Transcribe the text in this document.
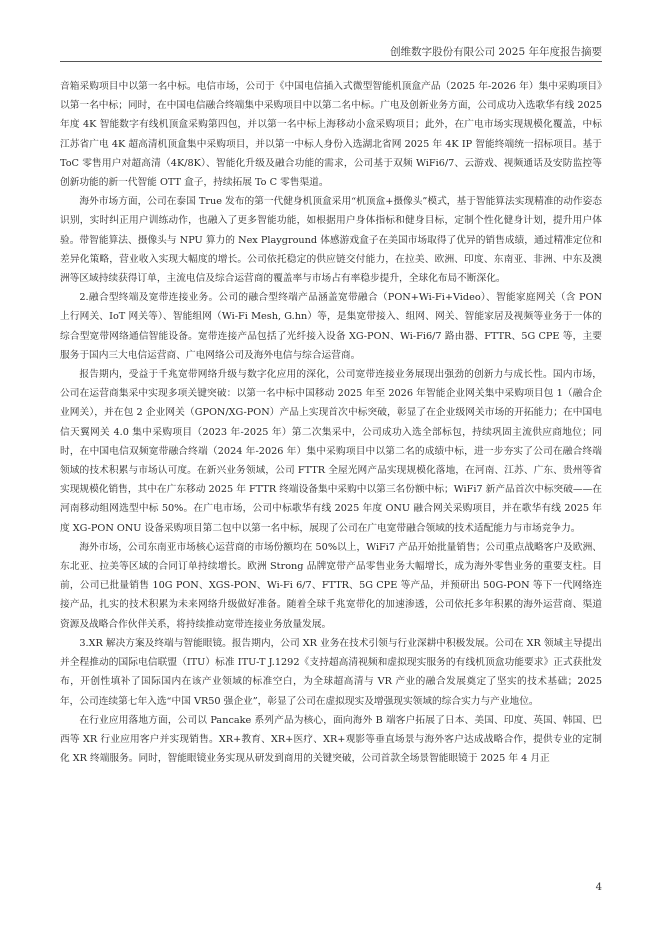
创维数字股份有限公司 2025 年年度报告摘要

音箱采购项目中以第一名中标。电信市场，公司于《中国电信插入式微型智能机顶盒产品（2025 年-2026 年）集中采购项目》以第一名中标；同时，在中国电信融合终端集中采购项目中以第二名中标。广电及创新业务方面，公司成功入选歌华有线 2025 年度 4K 智能数字有线机顶盒采购第四包，并以第一名中标上海移动小盒采购项目；此外，在广电市场实现规模化覆盖，中标江苏省广电 4K 超高清机顶盒集中采购项目，并以第一中标人身份入选湖北省网 2025 年 4K IP 智能终端统一招标项目。基于 ToC 零售用户对超高清（4K/8K）、智能化升级及融合功能的需求，公司基于双频 WiFi6/7、云游戏、视频通话及安防监控等创新功能的新一代智能 OTT 盒子，持续拓展 To C 零售渠道。

海外市场方面，公司在泰国 True 发布的第一代健身机顶盒采用“机顶盒+摄像头”模式，基于智能算法实现精准的动作姿态识别，实时纠正用户训练动作，也融入了更多智能功能，如根据用户身体指标和健身目标，定制个性化健身计划，提升用户体验。带智能算法、摄像头与 NPU 算力的 Nex Playground 体感游戏盒子在美国市场取得了优异的销售成绩，通过精准定位和差异化策略，营业收入实现大幅度的增长。公司依托稳定的供应链交付能力，在拉美、欧洲、印度、东南亚、非洲、中东及澳洲等区域持续获得订单，主流电信及综合运营商的覆盖率与市场占有率稳步提升，全球化布局不断深化。

2.融合型终端及宽带连接业务。公司的融合型终端产品涵盖宽带融合（PON+Wi-Fi+Video）、智能家庭网关（含 PON 上行网关、IoT 网关等）、智能组网（Wi-Fi Mesh, G.hn）等，是集宽带接入、组网、网关、智能家居及视频等业务于一体的综合型宽带网络通信智能设备。宽带连接产品包括了光纤接入设备 XG-PON、Wi-Fi6/7 路由器、FTTR、5G CPE 等，主要服务于国内三大电信运营商、广电网络公司及海外电信与综合运营商。

报告期内，受益于千兆宽带网络升级与数字化应用的深化，公司宽带连接业务展现出强劲的创新力与成长性。国内市场，公司在运营商集采中实现多项关键突破：以第一名中标中国移动 2025 年至 2026 年智能企业网关集中采购项目包 1（融合企业网关），并在包 2 企业网关（GPON/XG-PON）产品上实现首次中标突破，彰显了在企业级网关市场的开拓能力；在中国电信天翼网关 4.0 集中采购项目（2023 年-2025 年）第二次集采中，公司成功入选全部标包，持续巩固主流供应商地位；同时，在中国电信双频宽带融合终端（2024 年-2026 年）集中采购项目中以第二名的成绩中标，进一步夯实了公司在融合终端领域的技术积累与市场认可度。在新兴业务领域，公司 FTTR 全屋光网产品实现规模化落地，在河南、江苏、广东、贵州等省实现规模化销售，其中在广东移动 2025 年 FTTR 终端设备集中采购中以第三名份额中标；WiFi7 新产品首次中标突破——在河南移动组网选型中标 50%。在广电市场，公司中标歌华有线 2025 年度 ONU 融合网关采购项目，并在歌华有线 2025 年度 XG-PON ONU 设备采购项目第二包中以第一名中标，展现了公司在广电宽带融合领域的技术适配能力与市场竞争力。

海外市场，公司东南亚市场核心运营商的市场份额均在 50%以上，WiFi7 产品开始批量销售；公司重点战略客户及欧洲、东北亚、拉美等区域的合同订单持续增长。欧洲 Strong 品牌宽带产品零售业务大幅增长，成为海外零售业务的重要支柱。目前，公司已批量销售 10G PON、XGS-PON、Wi-Fi 6/7、FTTR、5G CPE 等产品，并预研出 50G-PON 等下一代网络连接产品，扎实的技术积累为未来网络升级做好准备。随着全球千兆宽带化的加速渗透，公司依托多年积累的海外运营商、渠道资源及战略合作伙伴关系，将持续推动宽带连接业务放量发展。

3.XR 解决方案及终端与智能眼镜。报告期内，公司 XR 业务在技术引领与行业深耕中积极发展。公司在 XR 领域主导提出并全程推动的国际电信联盟（ITU）标准 ITU-T J.1292《支持超高清视频和虚拟现实服务的有线机顶盒功能要求》正式获批发布，开创性填补了国际国内在该产业领域的标准空白，为全球超高清与 VR 产业的融合发展奠定了坚实的技术基础；2025 年，公司连续第七年入选“中国 VR50 强企业”，彰显了公司在虚拟现实及增强现实领域的综合实力与产业地位。

在行业应用落地方面，公司以 Pancake 系列产品为核心，面向海外 B 端客户拓展了日本、美国、印度、英国、韩国、巴西等 XR 行业应用客户并实现销售。XR+教育、XR+医疗、XR+观影等垂直场景与海外客户达成战略合作，提供专业的定制化 XR 终端服务。同时，智能眼镜业务实现从研发到商用的关键突破，公司首款全场景智能眼镜于 2025 年 4 月正

4
